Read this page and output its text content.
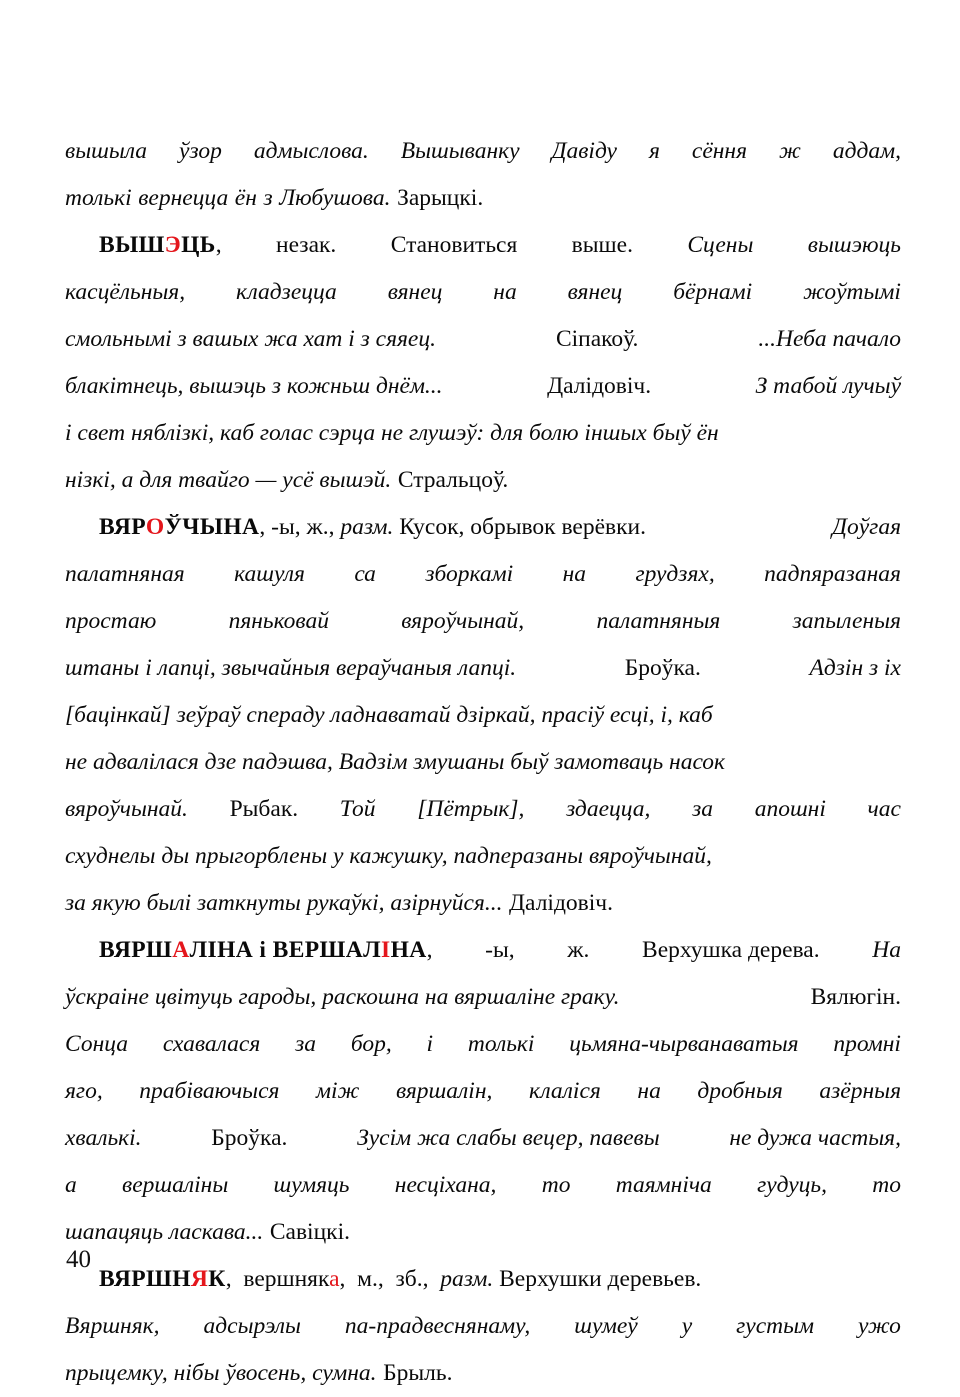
вышыла ўзор адмыслова. Вышыванку Давіду я сёння ж аддам,
толькі вернецца ён з Любушова. Зарыцкі.
ВЫШЭЦЬ, незак. Становиться выше. Сцены вышэюць
касцёльныя, кладзецца вянец на вянец бёрнамі жоўтымі
смольнымі з вашых жа хат і з сяяец.	Сіпакоў.	...Неба пачало
блакітнець, вышэць з кожньш днём...	Далідовіч.	З табой лучыў
і свет няблізкі, каб голас сэрца не глушэў: для болю іншых быў ён
нізкі, а для твайго — усё вышэй. Стральцоў.
ВЯРОЎЧЫНА, -ы, ж., разм. Кусок, обрывок верёвки.	Доўгая
палатняная кашуля са зборкамі на грудзях, падпяразаная
простаю	пяньковай	вяроўчынай,	палатняныя	запыленыя
штаны і лапці, звычайныя вераўчаныя лапці.	Броўка.	Адзін з іх
[бацінкай] зеўраў спераду ладнаватай дзіркай, прасіў есці, і, каб
не адвалілася дзе падэшва, Вадзім змушаны быў замотваць насок
вяроўчынай. Рыбак. Той [Пётрык], здаецца, за апошні час
схуднелы ды прыгорблены у кажушку, падперазаны вяроўчынай,
за якую былі заткнуты рукаўкі, азірнуйся... Далідовіч.
ВЯРШАЛІНА і ВЕРШАЛІНА, -ы, ж. Верхушка дерева. На
ўскраіне цвітуць гароды, раскошна на вяршаліне граку.	Вялюгін.
Сонца схавалася за бор, і толькі цьмяна-чырванаватыя промні
яго, прабіваючыся між вяршалін, клаліся на дробныя азёрныя
хвалькі.	Броўка.	Зусім жа слабы вецер, павевы	не дужа частыя,
а вершаліны шумяць несціхана, то таямніча гудуць, то
шапацяць ласкава... Савіцкі.
ВЯРШНЯК,  вершняка,  м.,  зб.,  разм. Верхушки деревьев.
Вяршняк, адсырэлы па-прадвеснянаму, шумеў у густым ужо
прыцемку, нібы ўвосень, сумна. Брыль.
40
